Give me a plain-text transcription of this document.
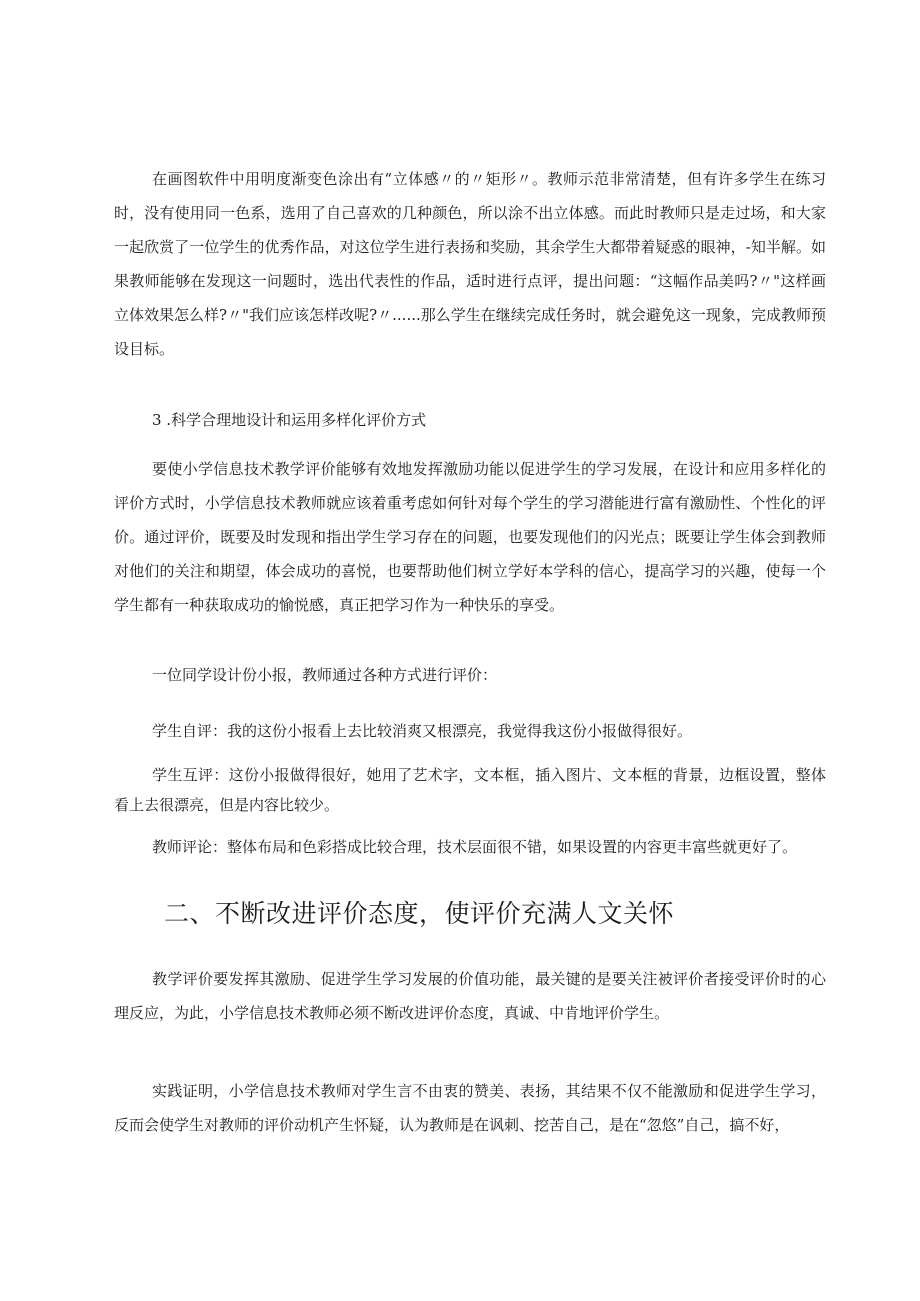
在画图软件中用明度渐变色涂出有“立体感〃的〃矩形〃。教师示范非常清楚，但有许多学生在练习时，没有使用同一色系，选用了自己喜欢的几种颜色，所以涂不出立体感。而此时教师只是走过场，和大家一起欣赏了一位学生的优秀作品，对这位学生进行表扬和奖励，其余学生大都带着疑惑的眼神，-知半解。如果教师能够在发现这一问题时，选出代表性的作品，适时进行点评，提出问题：“这幅作品美吗?〃"这样画立体效果怎么样?〃"我们应该怎样改呢?〃......那么学生在继续完成任务时，就会避免这一现象，完成教师预设目标。

3 .科学合理地设计和运用多样化评价方式

要使小学信息技术教学评价能够有效地发挥激励功能以促进学生的学习发展，在设计和应用多样化的评价方式时，小学信息技术教师就应该着重考虑如何针对每个学生的学习潜能进行富有激励性、个性化的评价。通过评价，既要及时发现和指出学生学习存在的问题，也要发现他们的闪光点；既要让学生体会到教师对他们的关注和期望，体会成功的喜悦，也要帮助他们树立学好本学科的信心，提高学习的兴趣，使每一个学生都有一种获取成功的愉悦感，真正把学习作为一种快乐的享受。

一位同学设计份小报，教师通过各种方式进行评价：

学生自评：我的这份小报看上去比较消爽又根漂亮，我觉得我这份小报做得很好。

学生互评：这份小报做得很好，她用了艺术字，文本框，插入图片、文本框的背景，边框设置，整体看上去很漂亮，但是内容比较少。

教师评论：整体布局和色彩搭成比较合理，技术层面很不错，如果设置的内容更丰富些就更好了。

二、不断改进评价态度，使评价充满人文关怀

教学评价要发挥其激励、促进学生学习发展的价值功能，最关键的是要关注被评价者接受评价时的心理反应，为此，小学信息技术教师必须不断改进评价态度，真诚、中肯地评价学生。

实践证明，小学信息技术教师对学生言不由衷的赞美、表扬，其结果不仅不能激励和促进学生学习，反而会使学生对教师的评价动机产生怀疑，认为教师是在讽刺、挖苦自己，是在“忽悠”自己，搞不好，
